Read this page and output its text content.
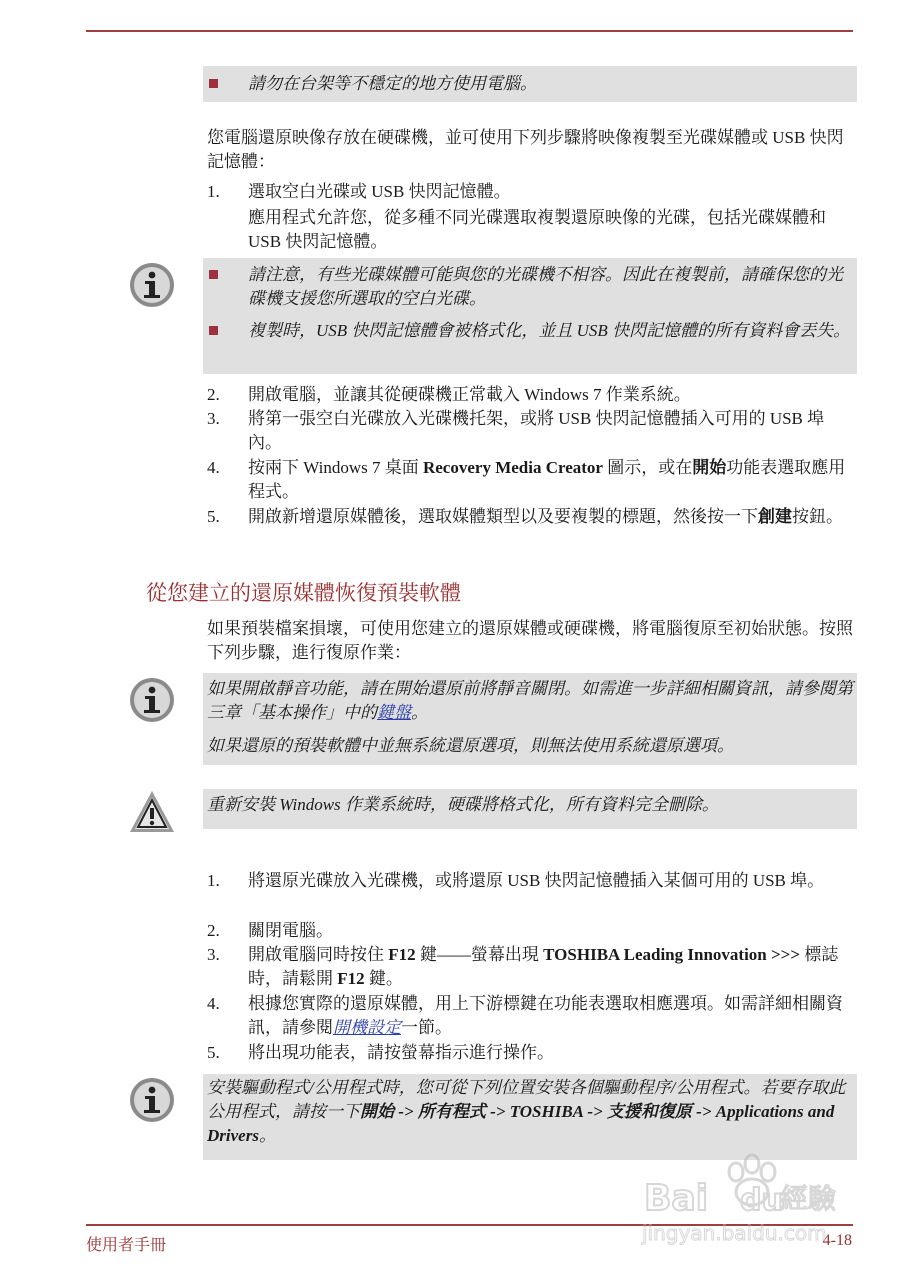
請勿在台架等不穩定的地方使用電腦。
您電腦還原映像存放在硬碟機，並可使用下列步驟將映像複製至光碟媒體或 USB 快閃記憶體：
1.	選取空白光碟或 USB 快閃記憶體。
應用程式允許您，從多種不同光碟選取複製還原映像的光碟，包括光碟媒體和 USB 快閃記憶體。
請注意，有些光碟媒體可能與您的光碟機不相容。因此在複製前，請確保您的光碟機支援您所選取的空白光碟。
複製時，USB 快閃記憶體會被格式化，並且 USB 快閃記憶體的所有資料會丟失。
2.	開啟電腦，並讓其從硬碟機正常載入 Windows 7 作業系統。
3.	將第一張空白光碟放入光碟機托架，或將 USB 快閃記憶體插入可用的 USB 埠內。
4.	按兩下 Windows 7 桌面 Recovery Media Creator 圖示，或在開始功能表選取應用程式。
5.	開啟新增還原媒體後，選取媒體類型以及要複製的標題，然後按一下創建按鈕。
從您建立的還原媒體恢復預裝軟體
如果預裝檔案損壞，可使用您建立的還原媒體或硬碟機，將電腦復原至初始狀態。按照下列步驟，進行復原作業：
如果開啟靜音功能，請在開始還原前將靜音關閉。如需進一步詳細相關資訊，請參閱第三章「基本操作」中的鍵盤。
如果還原的預裝軟體中並無系統還原選項，則無法使用系統還原選項。
重新安裝 Windows 作業系統時，硬碟將格式化，所有資料完全刪除。
1.	將還原光碟放入光碟機，或將還原 USB 快閃記憶體插入某個可用的 USB 埠。
2.	關閉電腦。
3.	開啟電腦同時按住 F12 鍵——螢幕出現 TOSHIBA Leading Innovation >>> 標誌時，請鬆開 F12 鍵。
4.	根據您實際的還原媒體，用上下游標鍵在功能表選取相應選項。如需詳細相關資訊，請參閱開機設定一節。
5.	將出現功能表，請按螢幕指示進行操作。
安裝驅動程式/公用程式時，您可從下列位置安裝各個驅動程序/公用程式。若要存取此公用程式，請按一下開始 -> 所有程式 -> TOSHIBA -> 支援和復原 -> Applications and Drivers。
使用者手冊	4-18
Bai du
經驗
jingyan.baidu.com
